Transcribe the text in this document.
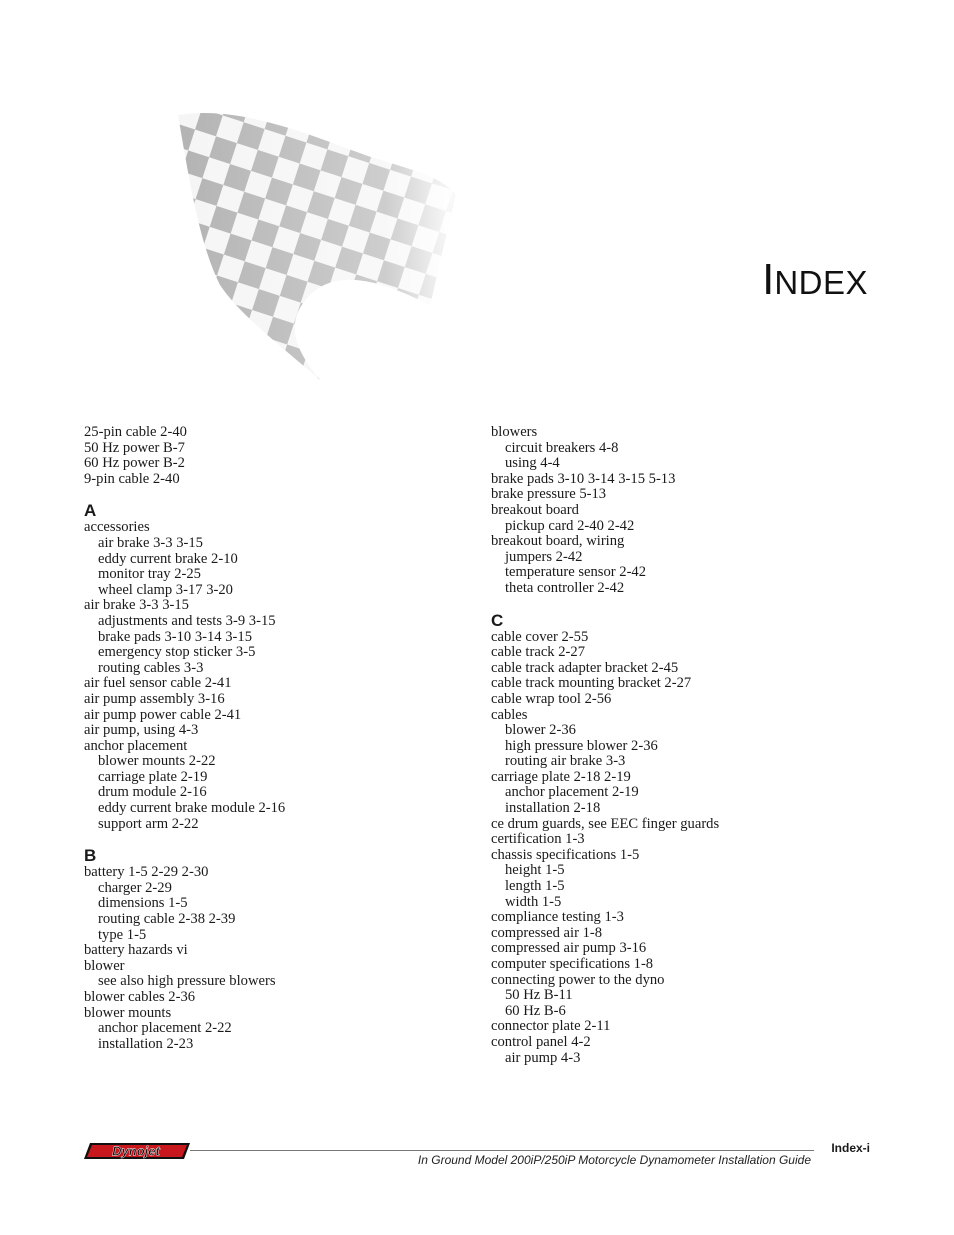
INDEX
25-pin cable 2-40
50 Hz power B-7
60 Hz power B-2
9-pin cable 2-40
A
accessories
air brake 3-3 3-15
eddy current brake 2-10
monitor tray 2-25
wheel clamp 3-17 3-20
air brake 3-3 3-15
adjustments and tests 3-9 3-15
brake pads 3-10 3-14 3-15
emergency stop sticker 3-5
routing cables 3-3
air fuel sensor cable 2-41
air pump assembly 3-16
air pump power cable 2-41
air pump, using 4-3
anchor placement
blower mounts 2-22
carriage plate 2-19
drum module 2-16
eddy current brake module 2-16
support arm 2-22
B
battery 1-5 2-29 2-30
charger 2-29
dimensions 1-5
routing cable 2-38 2-39
type 1-5
battery hazards vi
blower
see also high pressure blowers
blower cables 2-36
blower mounts
anchor placement 2-22
installation 2-23
blowers
circuit breakers 4-8
using 4-4
brake pads 3-10 3-14 3-15 5-13
brake pressure 5-13
breakout board
pickup card 2-40 2-42
breakout board, wiring
jumpers 2-42
temperature sensor 2-42
theta controller 2-42
C
cable cover 2-55
cable track 2-27
cable track adapter bracket 2-45
cable track mounting bracket 2-27
cable wrap tool 2-56
cables
blower 2-36
high pressure blower 2-36
routing air brake 3-3
carriage plate 2-18 2-19
anchor placement 2-19
installation 2-18
ce drum guards, see EEC finger guards
certification 1-3
chassis specifications 1-5
height 1-5
length 1-5
width 1-5
compliance testing 1-3
compressed air 1-8
compressed air pump 3-16
computer specifications 1-8
connecting power to the dyno
50 Hz B-11
60 Hz B-6
connector plate 2-11
control panel 4-2
air pump 4-3
Dynojet	Index-i
In Ground Model 200iP/250iP Motorcycle Dynamometer Installation Guide
